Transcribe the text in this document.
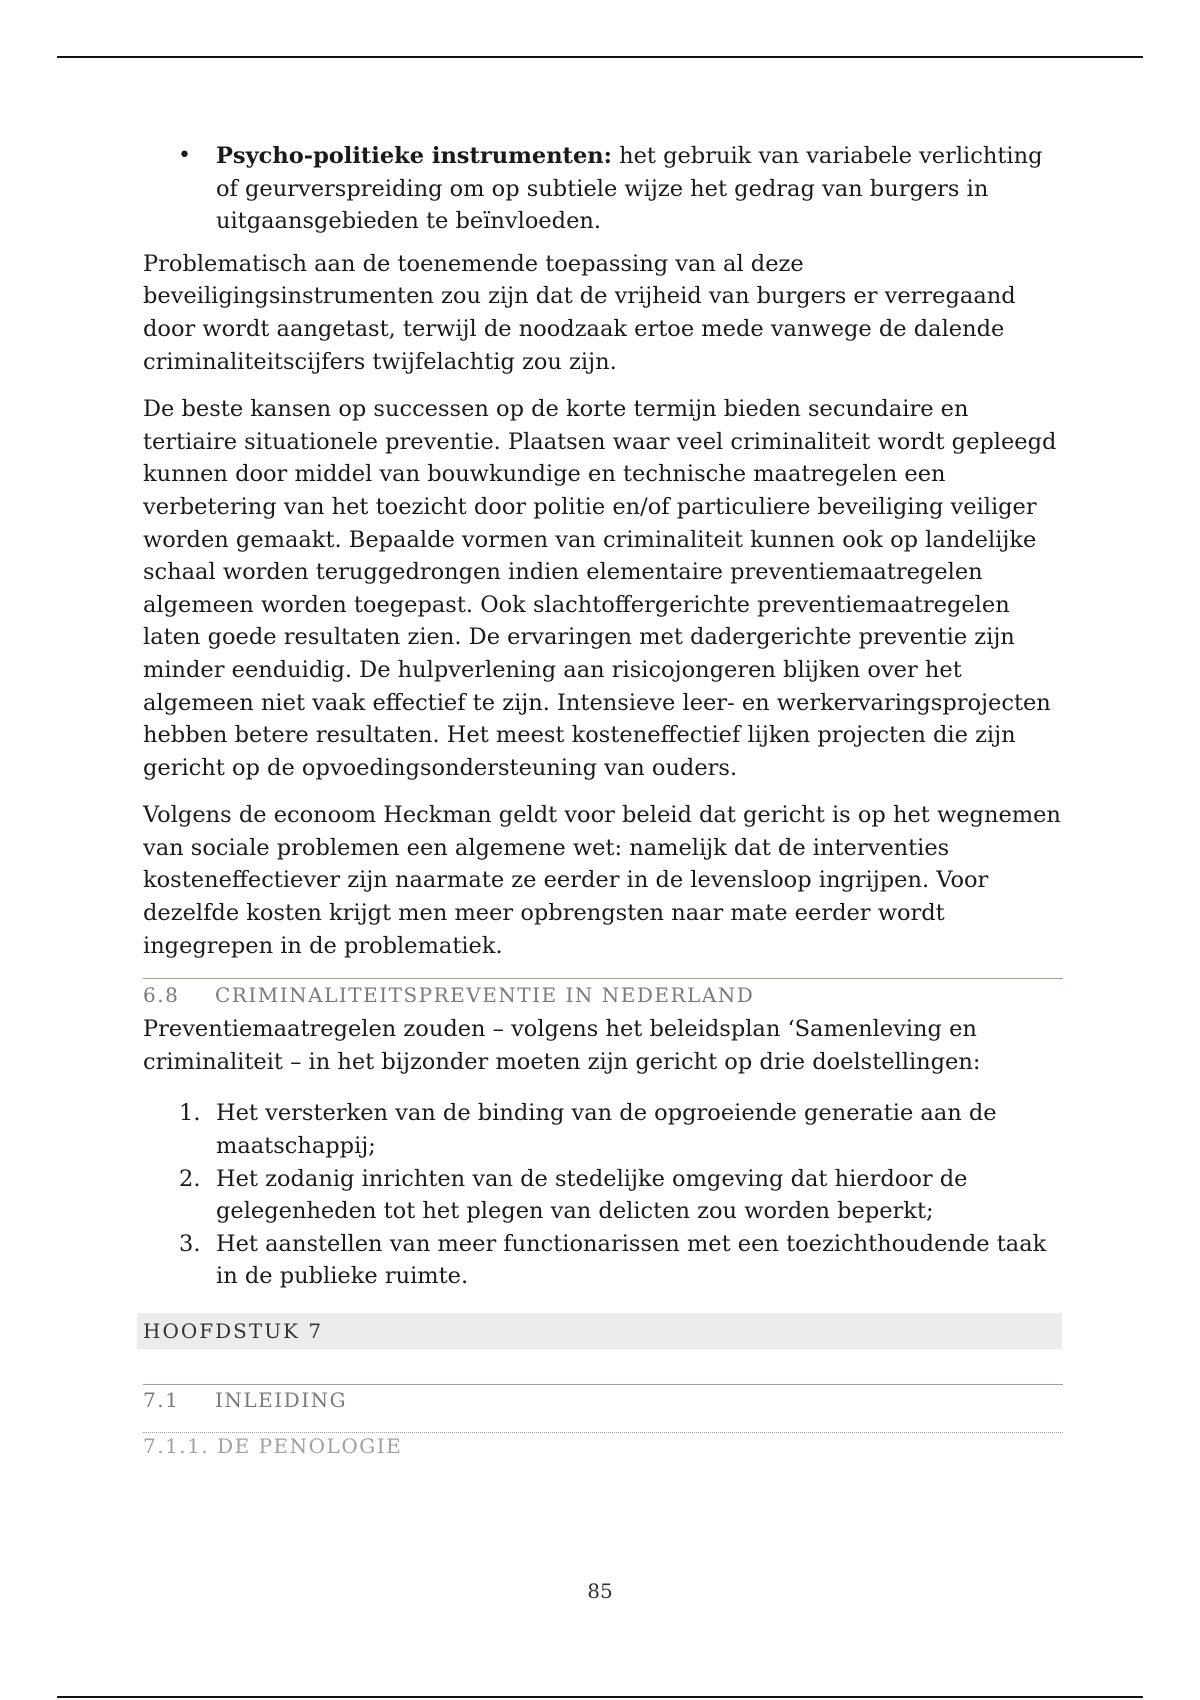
• Psycho-politieke instrumenten: het gebruik van variabele verlichting of geurverspreiding om op subtiele wijze het gedrag van burgers in uitgaansgebieden te beïnvloeden.

Problematisch aan de toenemende toepassing van al deze beveiligingsinstrumenten zou zijn dat de vrijheid van burgers er verregaand door wordt aangetast, terwijl de noodzaak ertoe mede vanwege de dalende criminaliteitscijfers twijfelachtig zou zijn.

De beste kansen op successen op de korte termijn bieden secundaire en tertiaire situationele preventie. Plaatsen waar veel criminaliteit wordt gepleegd kunnen door middel van bouwkundige en technische maatregelen een verbetering van het toezicht door politie en/of particuliere beveiliging veiliger worden gemaakt. Bepaalde vormen van criminaliteit kunnen ook op landelijke schaal worden teruggedrongen indien elementaire preventiemaatregelen algemeen worden toegepast. Ook slachtoffergerichte preventiemaatregelen laten goede resultaten zien. De ervaringen met dadergerichte preventie zijn minder eenduidig. De hulpverlening aan risicojongeren blijken over het algemeen niet vaak effectief te zijn. Intensieve leer- en werkervaringsprojecten hebben betere resultaten. Het meest kosteneffectief lijken projecten die zijn gericht op de opvoedingsondersteuning van ouders.

Volgens de econoom Heckman geldt voor beleid dat gericht is op het wegnemen van sociale problemen een algemene wet: namelijk dat de interventies kosteneffectiever zijn naarmate ze eerder in de levensloop ingrijpen. Voor dezelfde kosten krijgt men meer opbrengsten naar mate eerder wordt ingegrepen in de problematiek.

6.8 CRIMINALITEITSPREVENTIE IN NEDERLAND

Preventiemaatregelen zouden – volgens het beleidsplan ‘Samenleving en criminaliteit – in het bijzonder moeten zijn gericht op drie doelstellingen:

1. Het versterken van de binding van de opgroeiende generatie aan de maatschappij;
2. Het zodanig inrichten van de stedelijke omgeving dat hierdoor de gelegenheden tot het plegen van delicten zou worden beperkt;
3. Het aanstellen van meer functionarissen met een toezichthoudende taak in de publieke ruimte.
HOOFDSTUK 7
7.1 INLEIDING
7.1.1. DE PENOLOGIE
85
